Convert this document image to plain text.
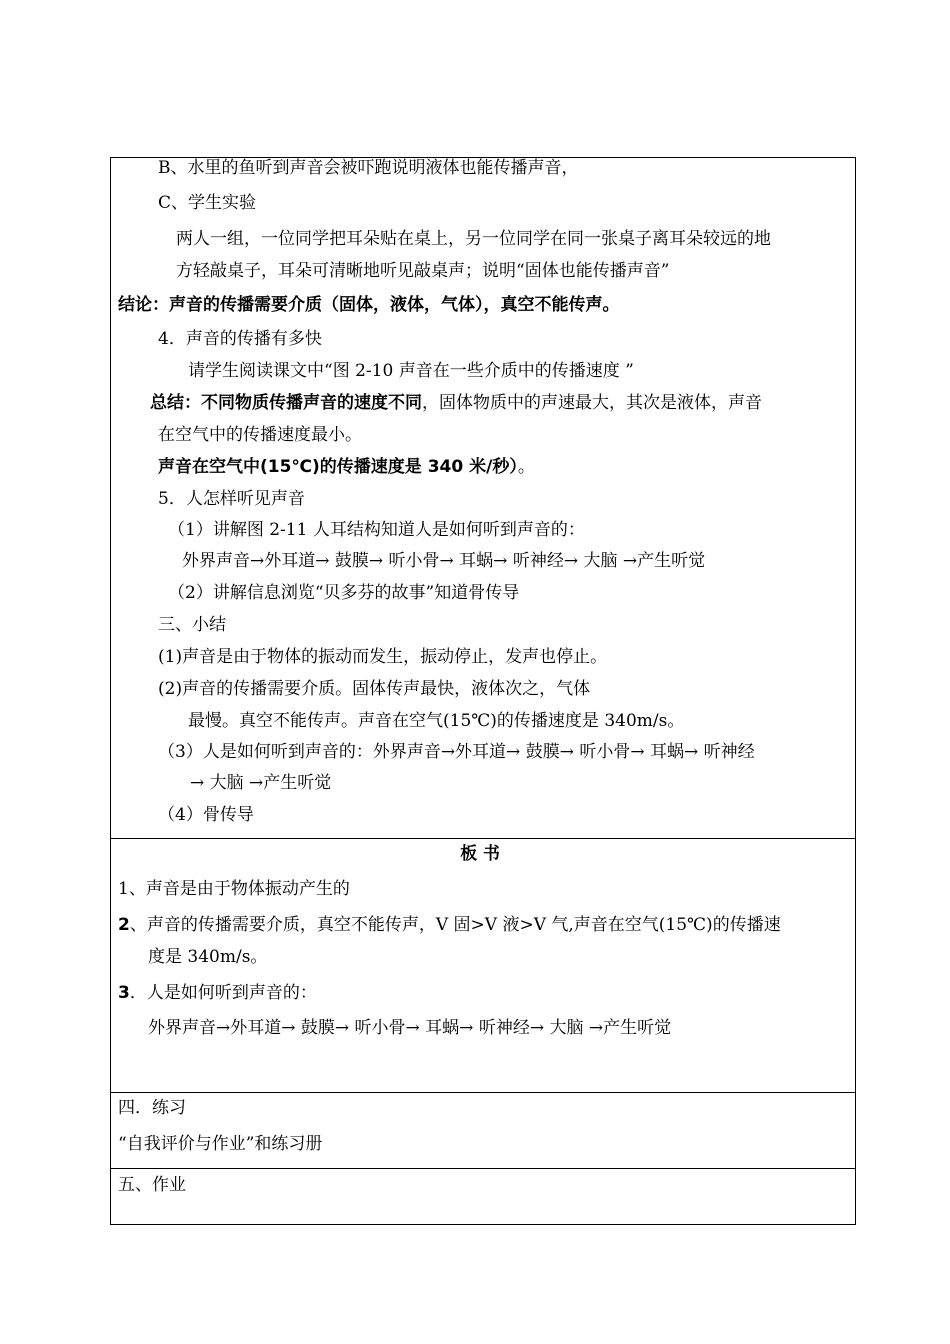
B、水里的鱼听到声音会被吓跑说明液体也能传播声音，
C、学生实验
两人一组，一位同学把耳朵贴在桌上，另一位同学在同一张桌子离耳朵较远的地
方轻敲桌子，耳朵可清晰地听见敲桌声；说明“固体也能传播声音”
结论：声音的传播需要介质（固体，液体，气体），真空不能传声。
4．声音的传播有多快
请学生阅读课文中“图 2-10 声音在一些介质中的传播速度 ”
总结：不同物质传播声音的速度不同，固体物质中的声速最大，其次是液体，声音
在空气中的传播速度最小。
声音在空气中(15℃)的传播速度是 340 米/秒）。
5．人怎样听见声音
（1）讲解图 2-11 人耳结构知道人是如何听到声音的：
外界声音→外耳道→ 鼓膜→ 听小骨→ 耳蜗→ 听神经→ 大脑 →产生听觉
（2）讲解信息浏览“贝多芬的故事”知道骨传导
三、小结
(1)声音是由于物体的振动而发生，振动停止，发声也停止。
(2)声音的传播需要介质。固体传声最快，液体次之，气体
最慢。真空不能传声。声音在空气(15℃)的传播速度是 340m/s。
（3）人是如何听到声音的：外界声音→外耳道→ 鼓膜→ 听小骨→ 耳蜗→ 听神经
→ 大脑 →产生听觉
（4）骨传导
板 书
1、声音是由于物体振动产生的
2、声音的传播需要介质，真空不能传声，V 固>V 液>V 气,声音在空气(15℃)的传播速
度是 340m/s。
3．人是如何听到声音的：
外界声音→外耳道→ 鼓膜→ 听小骨→ 耳蜗→ 听神经→ 大脑 →产生听觉
四．练习
“自我评价与作业”和练习册
五、作业
